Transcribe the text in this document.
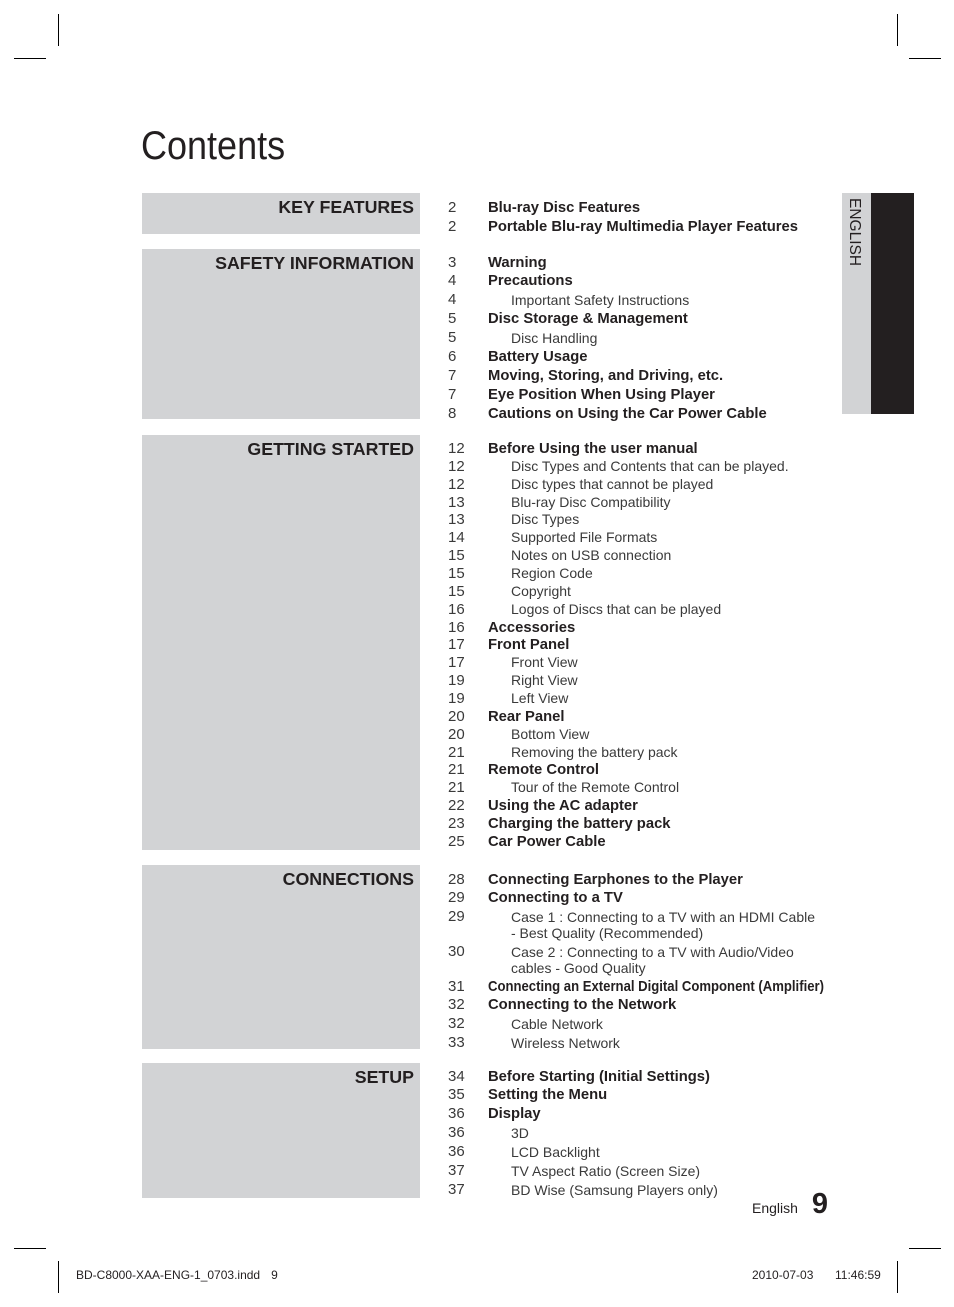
Contents
KEY FEATURES 2 Blu-ray Disc Features
2 Portable Blu-ray Multimedia Player Features
SAFETY INFORMATION 3 Warning
4 Precautions
4	Important Safety Instructions
5 Disc Storage & Management
5	Disc Handling
6 Battery Usage
7 Moving, Storing, and Driving, etc.
7 Eye Position When Using Player
8 Cautions on Using the Car Power Cable
GETTING STARTED 12 Before Using the user manual
12	Disc Types and Contents that can be played.
12	Disc types that cannot be played
13	Blu-ray Disc Compatibility
13	Disc Types
14	Supported File Formats
15	Notes on USB connection
15	Region Code
15	Copyright
16	Logos of Discs that can be played
16 Accessories
17 Front Panel
17	Front View
19	Right View
19	Left View
20 Rear Panel
20	Bottom View
21	Removing the battery pack
21 Remote Control
21	Tour of the Remote Control
22 Using the AC adapter
23 Charging the battery pack
25 Car Power Cable
CONNECTIONS 28 Connecting Earphones to the Player
29 Connecting to a TV
29	Case 1 : Connecting to a TV with an HDMI Cable
- Best Quality (Recommended)
30	Case 2 : Connecting to a TV with Audio/Video
cables - Good Quality
31 Connecting an External Digital Component (Amplifier)
32 Connecting to the Network
32	Cable Network
33	Wireless Network
SETUP 34 Before Starting (Initial Settings)
35 Setting the Menu
36 Display
36	3D
36	LCD Backlight
37	TV Aspect Ratio (Screen Size)
37	BD Wise (Samsung Players only)
ENGLISH
English 9
BD-C8000-XAA-ENG-1_0703.indd 9	2010-07-03 11:46:59
